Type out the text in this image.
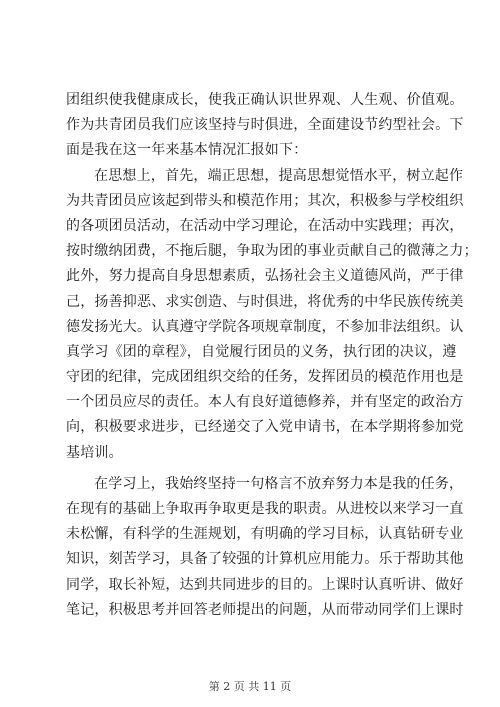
团组织使我健康成长，使我正确认识世界观、人生观、价值观。
作为共青团员我们应该坚持与时俱进，全面建设节约型社会。下
面是我在这一年来基本情况汇报如下：
在思想上，首先，端正思想，提高思想觉悟水平，树立起作
为共青团员应该起到带头和模范作用；其次，积极参与学校组织
的各项团员活动，在活动中学习理论，在活动中实践理；再次，
按时缴纳团费，不拖后腿，争取为团的事业贡献自己的微薄之力；
此外，努力提高自身思想素质，弘扬社会主义道德风尚，严于律
己，扬善抑恶、求实创造、与时俱进，将优秀的中华民族传统美
德发扬光大。认真遵守学院各项规章制度，不参加非法组织。认
真学习《团的章程》，自觉履行团员的义务，执行团的决议，遵
守团的纪律，完成团组织交给的任务，发挥团员的模范作用也是
一个团员应尽的责任。本人有良好道德修养，并有坚定的政治方
向，积极要求进步，已经递交了入党申请书，在本学期将参加党
基培训。
在学习上，我始终坚持一句格言不放弃努力本是我的任务，
在现有的基础上争取再争取更是我的职责。从进校以来学习一直
未松懈，有科学的生涯规划，有明确的学习目标，认真钻研专业
知识，刻苦学习，具备了较强的计算机应用能力。乐于帮助其他
同学，取长补短，达到共同进步的目的。上课时认真听讲、做好
笔记，积极思考并回答老师提出的问题，从而带动同学们上课时
第 2 页 共 11 页
